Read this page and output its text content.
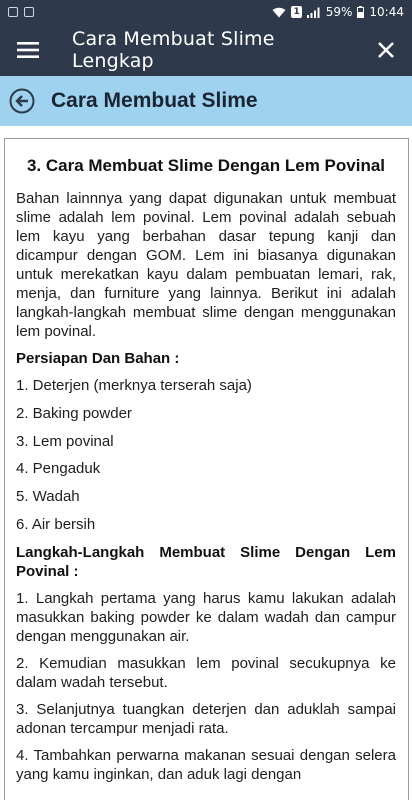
1 59% 10:44
Cara Membuat Slime Lengkap
Cara Membuat Slime
3. Cara Membuat Slime Dengan Lem Povinal

Bahan lainnnya yang dapat digunakan untuk membuat slime adalah lem povinal. Lem povinal adalah sebuah lem kayu yang berbahan dasar tepung kanji dan dicampur dengan GOM. Lem ini biasanya digunakan untuk merekatkan kayu dalam pembuatan lemari, rak, menja, dan furniture yang lainnya. Berikut ini adalah langkah-langkah membuat slime dengan menggunakan lem povinal.

Persiapan Dan Bahan :
1. Deterjen (merknya terserah saja)
2. Baking powder
3. Lem povinal
4. Pengaduk
5. Wadah
6. Air bersih
Langkah-Langkah Membuat Slime Dengan Lem Povinal :

1. Langkah pertama yang harus kamu lakukan adalah masukkan baking powder ke dalam wadah dan campur dengan menggunakan air.

2. Kemudian masukkan lem povinal secukupnya ke dalam wadah tersebut.

3. Selanjutnya tuangkan deterjen dan aduklah sampai adonan tercampur menjadi rata.

4. Tambahkan perwarna makanan sesuai dengan selera yang kamu inginkan, dan aduk lagi dengan
